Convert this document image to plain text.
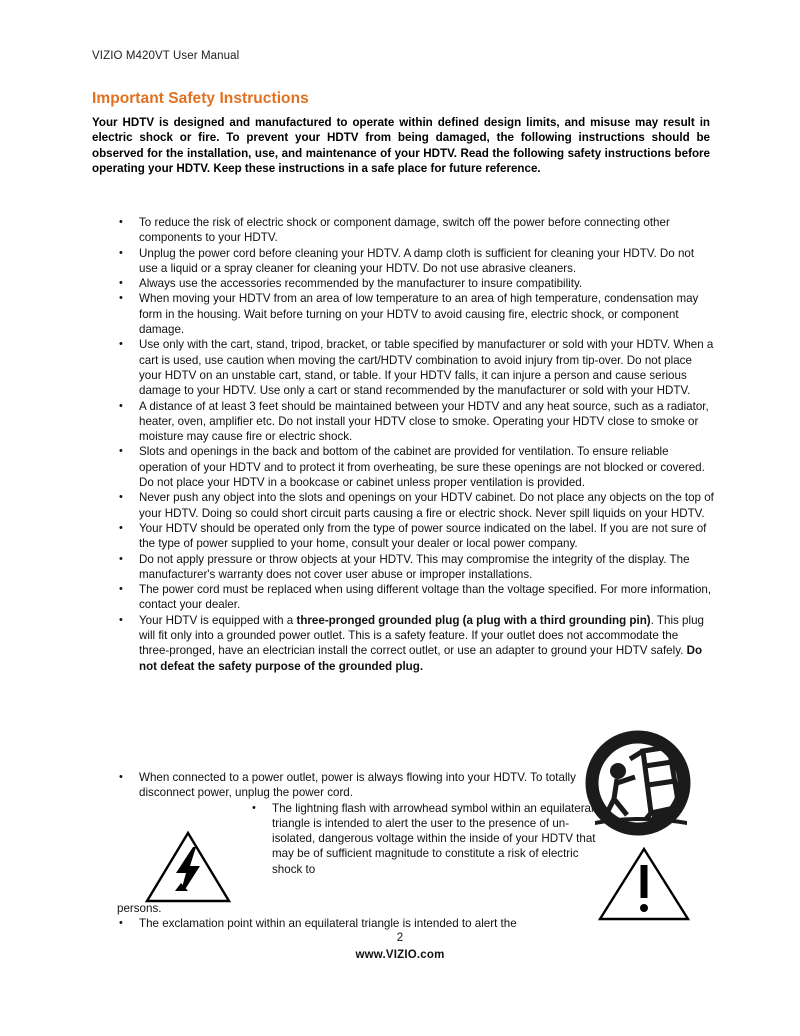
VIZIO M420VT User Manual
Important Safety Instructions
Your HDTV is designed and manufactured to operate within defined design limits, and misuse may result in electric shock or fire. To prevent your HDTV from being damaged, the following instructions should be observed for the installation, use, and maintenance of your HDTV. Read the following safety instructions before operating your HDTV. Keep these instructions in a safe place for future reference.
•	To reduce the risk of electric shock or component damage, switch off the power before connecting other components to your HDTV.
•	Unplug the power cord before cleaning your HDTV. A damp cloth is sufficient for cleaning your HDTV. Do not use a liquid or a spray cleaner for cleaning your HDTV. Do not use abrasive cleaners.
•	Always use the accessories recommended by the manufacturer to insure compatibility.
•	When moving your HDTV from an area of low temperature to an area of high temperature, condensation may form in the housing. Wait before turning on your HDTV to avoid causing fire, electric shock, or component damage.
•	Use only with the cart, stand, tripod, bracket, or table specified by manufacturer or sold with your HDTV. When a cart is used, use caution when moving the cart/HDTV combination to avoid injury from tip-over. Do not place your HDTV on an unstable cart, stand, or table. If your HDTV falls, it can injure a person and cause serious damage to your HDTV. Use only a cart or stand recommended by the manufacturer or sold with your HDTV.
•	A distance of at least 3 feet should be maintained between your HDTV and any heat source, such as a radiator, heater, oven, amplifier etc. Do not install your HDTV close to smoke. Operating your HDTV close to smoke or moisture may cause fire or electric shock.
•	Slots and openings in the back and bottom of the cabinet are provided for ventilation. To ensure reliable operation of your HDTV and to protect it from overheating, be sure these openings are not blocked or covered. Do not place your HDTV in a bookcase or cabinet unless proper ventilation is provided.
•	Never push any object into the slots and openings on your HDTV cabinet. Do not place any objects on the top of your HDTV. Doing so could short circuit parts causing a fire or electric shock. Never spill liquids on your HDTV.
•	Your HDTV should be operated only from the type of power source indicated on the label. If you are not sure of the type of power supplied to your home, consult your dealer or local power company.
•	Do not apply pressure or throw objects at your HDTV. This may compromise the integrity of the display. The manufacturer's warranty does not cover user abuse or improper installations.
•	The power cord must be replaced when using different voltage than the voltage specified. For more information, contact your dealer.
•	Your HDTV is equipped with a three-pronged grounded plug (a plug with a third grounding pin). This plug will fit only into a grounded power outlet. This is a safety feature. If your outlet does not accommodate the three-pronged, have an electrician install the correct outlet, or use an adapter to ground your HDTV safely. Do not defeat the safety purpose of the grounded plug.
•	When connected to a power outlet, power is always flowing into your HDTV. To totally disconnect power, unplug the power cord.
•	The lightning flash with arrowhead symbol within an equilateral triangle is intended to alert the user to the presence of un-isolated, dangerous voltage within the inside of your HDTV that may be of sufficient magnitude to constitute a risk of electric shock to
persons.
•	The exclamation point within an equilateral triangle is intended to alert the
2
www.VIZIO.com
